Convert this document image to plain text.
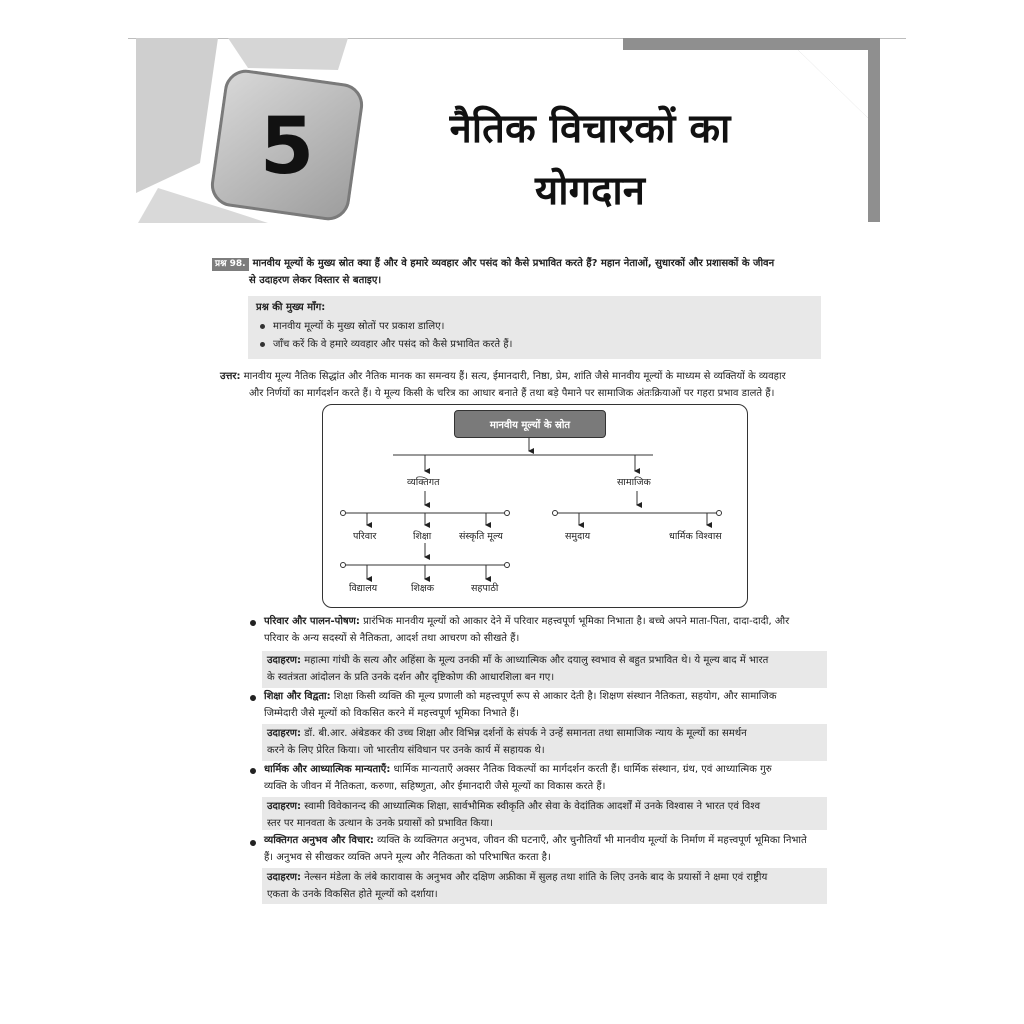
5	नैतिक विचारकों का
योगदान
प्रश्न 98. मानवीय मूल्यों के मुख्य स्रोत क्या हैं और वे हमारे व्यवहार और पसंद को कैसे प्रभावित करते हैं? महान नेताओं, सुधारकों और प्रशासकों के जीवन
से उदाहरण लेकर विस्तार से बताइए।
प्रश्न की मुख्य माँग:
मानवीय मूल्यों के मुख्य स्रोतों पर प्रकाश डालिए।
जाँच करें कि वे हमारे व्यवहार और पसंद को कैसे प्रभावित करते हैं।
उत्तर: मानवीय मूल्य नैतिक सिद्धांत और नैतिक मानक का समन्वय हैं। सत्य, ईमानदारी, निष्ठा, प्रेम, शांति जैसे मानवीय मूल्यों के माध्यम से व्यक्तियों के व्यवहार
और निर्णयों का मार्गदर्शन करते हैं। ये मूल्य किसी के चरित्र का आधार बनाते हैं तथा बड़े पैमाने पर सामाजिक अंतःक्रियाओं पर गहरा प्रभाव डालते हैं।
मानवीय मूल्यों के स्रोत
व्यक्तिगत	सामाजिक
परिवार	शिक्षा	संस्कृति मूल्य	समुदाय	धार्मिक विश्वास
विद्यालय	शिक्षक	सहपाठी
परिवार और पालन-पोषण: प्रारंभिक मानवीय मूल्यों को आकार देने में परिवार महत्त्वपूर्ण भूमिका निभाता है। बच्चे अपने माता-पिता, दादा-दादी, और
परिवार के अन्य सदस्यों से नैतिकता, आदर्श तथा आचरण को सीखते हैं।
उदाहरण: महात्मा गांधी के सत्य और अहिंसा के मूल्य उनकी माँ के आध्यात्मिक और दयालु स्वभाव से बहुत प्रभावित थे। ये मूल्य बाद में भारत
के स्वतंत्रता आंदोलन के प्रति उनके दर्शन और दृष्टिकोण की आधारशिला बन गए।
शिक्षा और विद्वता: शिक्षा किसी व्यक्ति की मूल्य प्रणाली को महत्त्वपूर्ण रूप से आकार देती है। शिक्षण संस्थान नैतिकता, सहयोग, और सामाजिक
जिम्मेदारी जैसे मूल्यों को विकसित करने में महत्त्वपूर्ण भूमिका निभाते हैं।
उदाहरण: डॉ. बी.आर. अंबेडकर की उच्च शिक्षा और विभिन्न दर्शनों के संपर्क ने उन्हें समानता तथा सामाजिक न्याय के मूल्यों का समर्थन
करने के लिए प्रेरित किया। जो भारतीय संविधान पर उनके कार्य में सहायक थे।
धार्मिक और आध्यात्मिक मान्यताएँ: धार्मिक मान्यताएँ अक्सर नैतिक विकल्पों का मार्गदर्शन करती हैं। धार्मिक संस्थान, ग्रंथ, एवं आध्यात्मिक गुरु
व्यक्ति के जीवन में नैतिकता, करुणा, सहिष्णुता, और ईमानदारी जैसे मूल्यों का विकास करते हैं।
उदाहरण: स्वामी विवेकानन्द की आध्यात्मिक शिक्षा, सार्वभौमिक स्वीकृति और सेवा के वेदांतिक आदर्शों में उनके विश्वास ने भारत एवं विश्व
स्तर पर मानवता के उत्थान के उनके प्रयासों को प्रभावित किया।
व्यक्तिगत अनुभव और विचार: व्यक्ति के व्यक्तिगत अनुभव, जीवन की घटनाएँ, और चुनौतियाँ भी मानवीय मूल्यों के निर्माण में महत्त्वपूर्ण भूमिका निभाते
हैं। अनुभव से सीखकर व्यक्ति अपने मूल्य और नैतिकता को परिभाषित करता है।
उदाहरण: नेल्सन मंडेला के लंबे कारावास के अनुभव और दक्षिण अफ्रीका में सुलह तथा शांति के लिए उनके बाद के प्रयासों ने क्षमा एवं राष्ट्रीय
एकता के उनके विकसित होते मूल्यों को दर्शाया।
